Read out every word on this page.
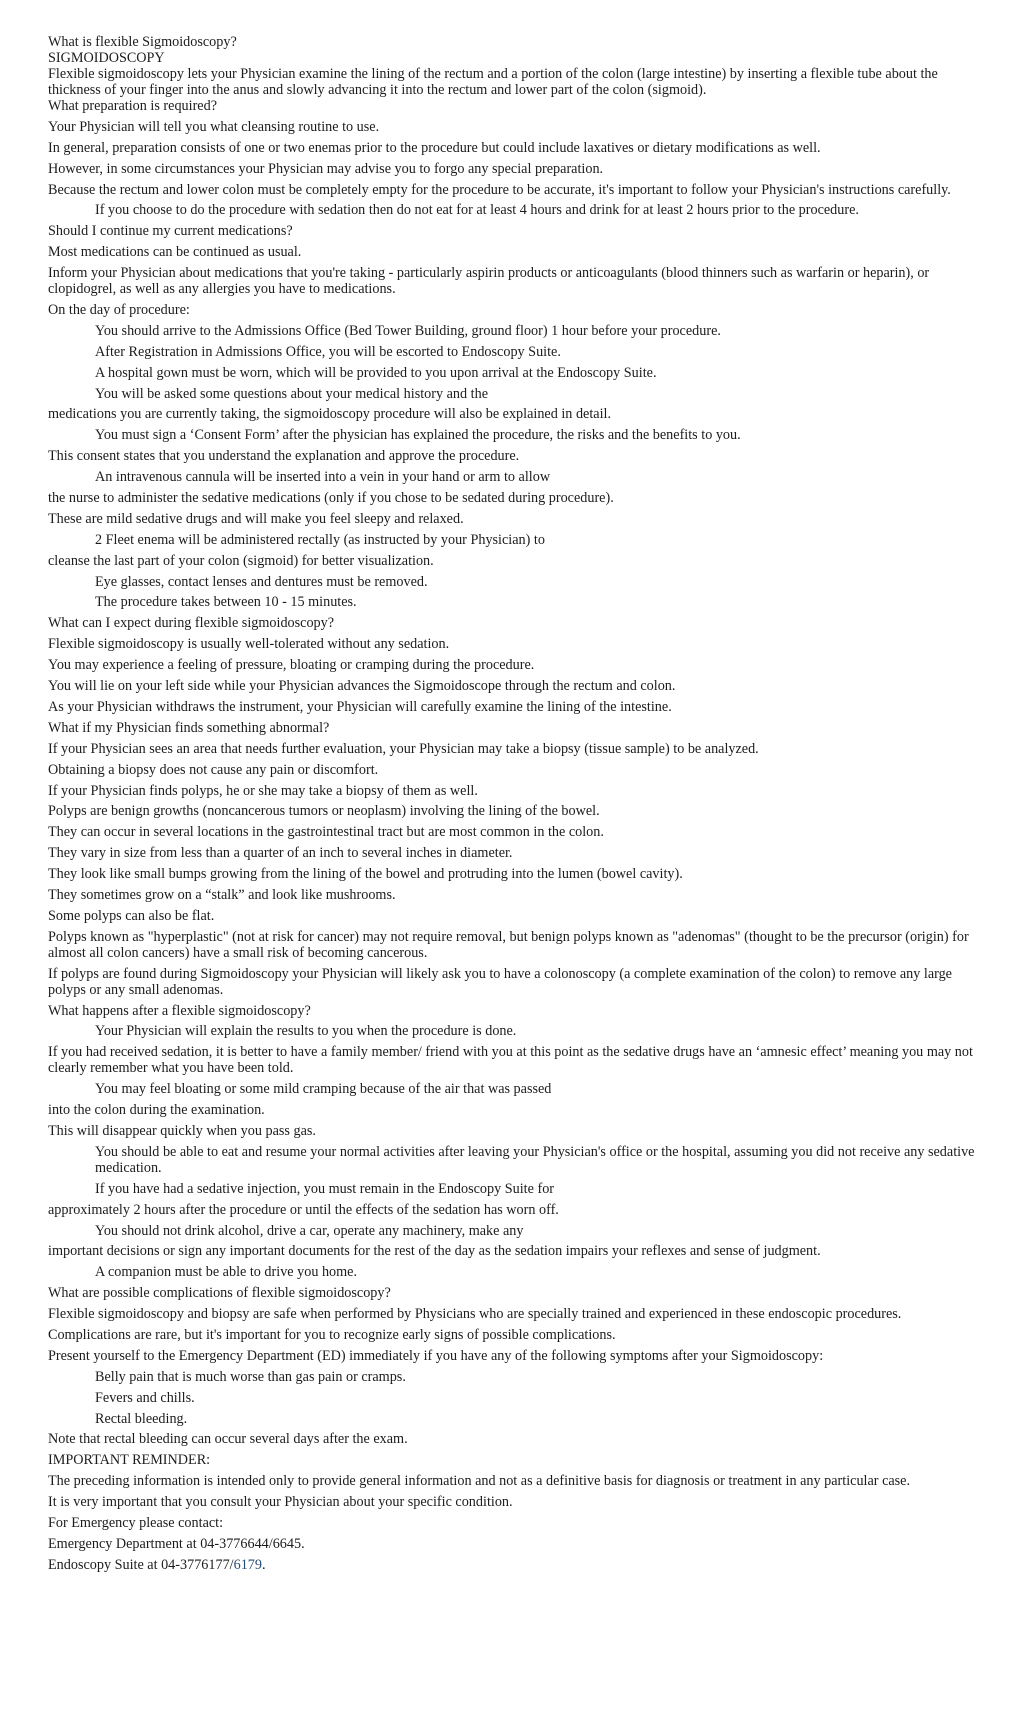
What is flexible Sigmoidoscopy?

SIGMOIDOSCOPY

Flexible sigmoidoscopy lets your Physician examine the lining of the rectum and a portion of the colon (large intestine) by inserting a flexible tube about the thickness of your finger into the anus and slowly advancing it into the rectum and lower part of the colon (sigmoid).

What preparation is required?

Your Physician will tell you what cleansing routine to use.

In general, preparation consists of one or two enemas prior to the procedure but could include laxatives or dietary modifications as well.

However, in some circumstances your Physician may advise you to forgo any special preparation.

Because the rectum and lower colon must be completely empty for the procedure to be accurate, it's important to follow your Physician's instructions carefully.

If you choose to do the procedure with sedation then do not eat for at least 4 hours and drink for at least 2 hours prior to the procedure.

Should I continue my current medications?

Most medications can be continued as usual.

Inform your Physician about medications that you're taking - particularly aspirin products or anticoagulants (blood thinners such as warfarin or heparin), or clopidogrel, as well as any allergies you have to medications.

On the day of procedure:

You should arrive to the Admissions Office (Bed Tower Building, ground floor) 1 hour before your procedure.

After Registration in Admissions Office, you will be escorted to Endoscopy Suite.

A hospital gown must be worn, which will be provided to you upon arrival at the Endoscopy Suite.

You will be asked some questions about your medical history and the

medications you are currently taking, the sigmoidoscopy procedure will also be explained in detail.

You must sign a ‘Consent Form’ after the physician has explained the procedure, the risks and the benefits to you.

This consent states that you understand the explanation and approve the procedure.

An intravenous cannula will be inserted into a vein in your hand or arm to allow

the nurse to administer the sedative medications (only if you chose to be sedated during procedure).

These are mild sedative drugs and will make you feel sleepy and relaxed.

2 Fleet enema will be administered rectally (as instructed by your Physician) to

cleanse the last part of your colon (sigmoid) for better visualization.

Eye glasses, contact lenses and dentures must be removed.

The procedure takes between 10 - 15 minutes.

What can I expect during flexible sigmoidoscopy?

Flexible sigmoidoscopy is usually well-tolerated without any sedation.

You may experience a feeling of pressure, bloating or cramping during the procedure.

You will lie on your left side while your Physician advances the Sigmoidoscope through the rectum and colon.

As your Physician withdraws the instrument, your Physician will carefully examine the lining of the intestine.

What if my Physician finds something abnormal?

If your Physician sees an area that needs further evaluation, your Physician may take a biopsy (tissue sample) to be analyzed.

Obtaining a biopsy does not cause any pain or discomfort.

If your Physician finds polyps, he or she may take a biopsy of them as well.

Polyps are benign growths (noncancerous tumors or neoplasm) involving the lining of the bowel.

They can occur in several locations in the gastrointestinal tract but are most common in the colon.

They vary in size from less than a quarter of an inch to several inches in diameter.

They look like small bumps growing from the lining of the bowel and protruding into the lumen (bowel cavity).

They sometimes grow on a “stalk” and look like mushrooms.

Some polyps can also be flat.

Polyps known as "hyperplastic" (not at risk for cancer) may not require removal, but benign polyps known as "adenomas" (thought to be the precursor (origin) for almost all colon cancers) have a small risk of becoming cancerous.

If polyps are found during Sigmoidoscopy your Physician will likely ask you to have a colonoscopy (a complete examination of the colon) to remove any large polyps or any small adenomas.

What happens after a flexible sigmoidoscopy?

Your Physician will explain the results to you when the procedure is done.

If you had received sedation, it is better to have a family member/ friend with you at this point as the sedative drugs have an ‘amnesic effect’ meaning you may not clearly remember what you have been told.

You may feel bloating or some mild cramping because of the air that was passed

into the colon during the examination.

This will disappear quickly when you pass gas.

You should be able to eat and resume your normal activities after leaving your Physician's office or the hospital, assuming you did not receive any sedative medication.

If you have had a sedative injection, you must remain in the Endoscopy Suite for

approximately 2 hours after the procedure or until the effects of the sedation has worn off.

You should not drink alcohol, drive a car, operate any machinery, make any

important decisions or sign any important documents for the rest of the day as the sedation impairs your reflexes and sense of judgment.

A companion must be able to drive you home.

What are possible complications of flexible sigmoidoscopy?

Flexible sigmoidoscopy and biopsy are safe when performed by Physicians who are specially trained and experienced in these endoscopic procedures.

Complications are rare, but it's important for you to recognize early signs of possible complications.

Present yourself to the Emergency Department (ED) immediately if you have any of the following symptoms after your Sigmoidoscopy:

Belly pain that is much worse than gas pain or cramps.

Fevers and chills.

Rectal bleeding.

Note that rectal bleeding can occur several days after the exam.

IMPORTANT REMINDER:

The preceding information is intended only to provide general information and not as a definitive basis for diagnosis or treatment in any particular case.

It is very important that you consult your Physician about your specific condition.

For Emergency please contact:

Emergency Department at 04-3776644/6645.

Endoscopy Suite at 04-3776177/6179.
